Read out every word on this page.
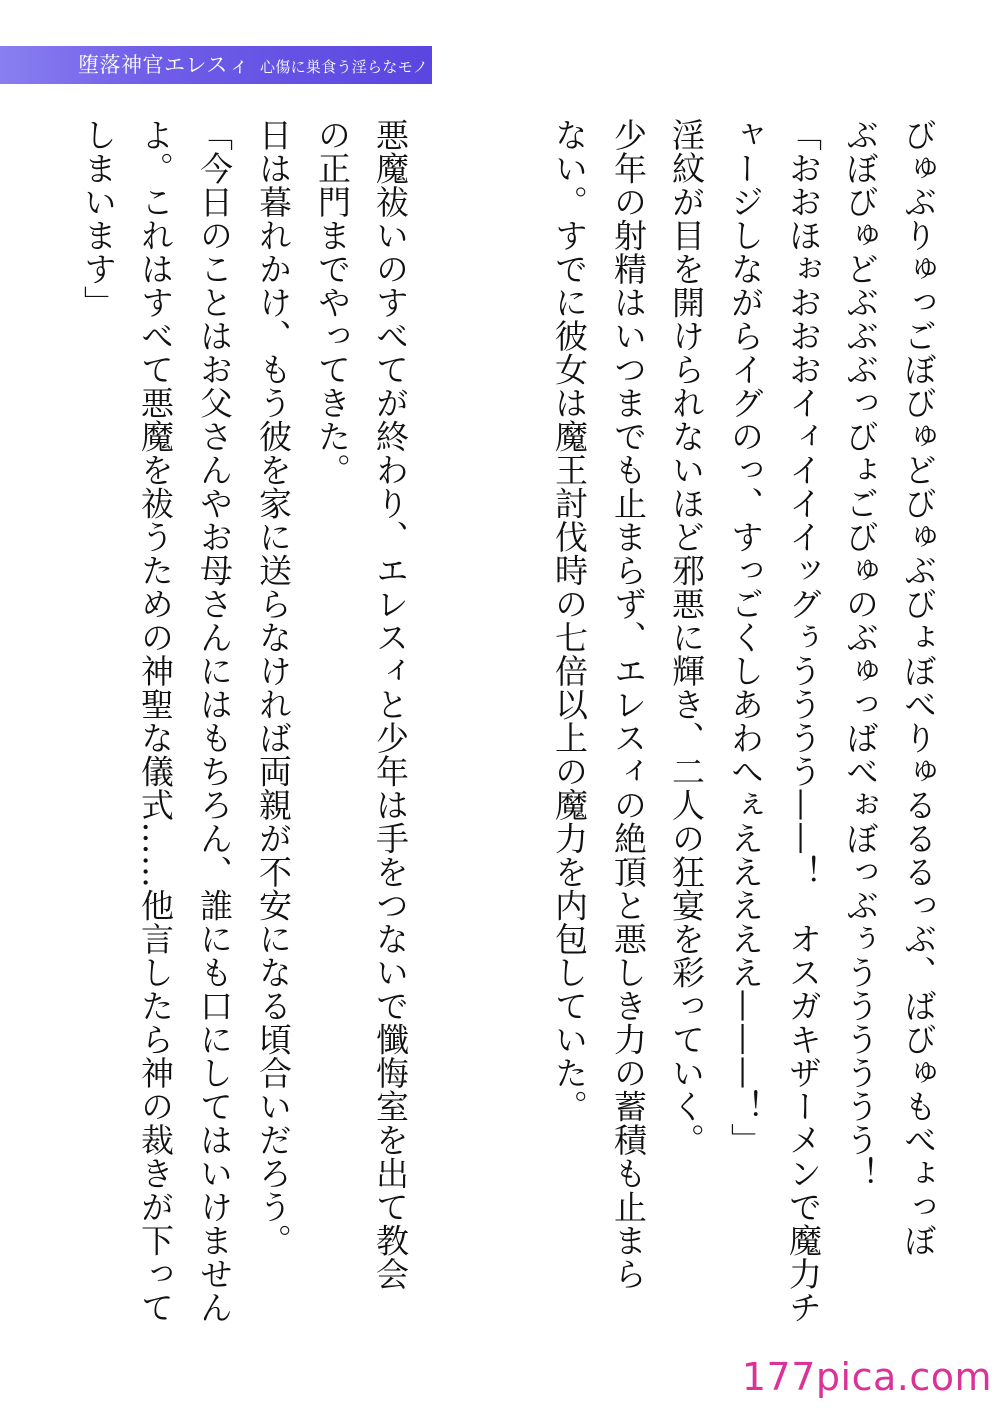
堕落神官エレスィ 心傷に巣食う淫らなモノ
びゅぶりゅっごぼびゅどびゅぶびょぼべりゅるるるっぶ、ばびゅもべょっぼ
ぶぼびゅどぶぶぶっびょごびゅのぶゅっばべぉぼっぶぅうううううう！
「おおほぉおおおイィイイイッグぅうううう——！　オスガキザーメンで魔力チ
ャージしながらイグのっ、すっごくしあわへぇえええええ———！」
淫紋が目を開けられないほど邪悪に輝き、二人の狂宴を彩っていく。
少年の射精はいつまでも止まらず、エレスィの絶頂と悪しき力の蓄積も止まら
ない。すでに彼女は魔王討伐時の七倍以上の魔力を内包していた。
悪魔祓いのすべてが終わり、エレスィと少年は手をつないで懺悔室を出て教会
の正門までやってきた。
日は暮れかけ、もう彼を家に送らなければ両親が不安になる頃合いだろう。
「今日のことはお父さんやお母さんにはもちろん、誰にも口にしてはいけません
よ。これはすべて悪魔を祓うための神聖な儀式……他言したら神の裁きが下って
しまいます」
177pica.com
